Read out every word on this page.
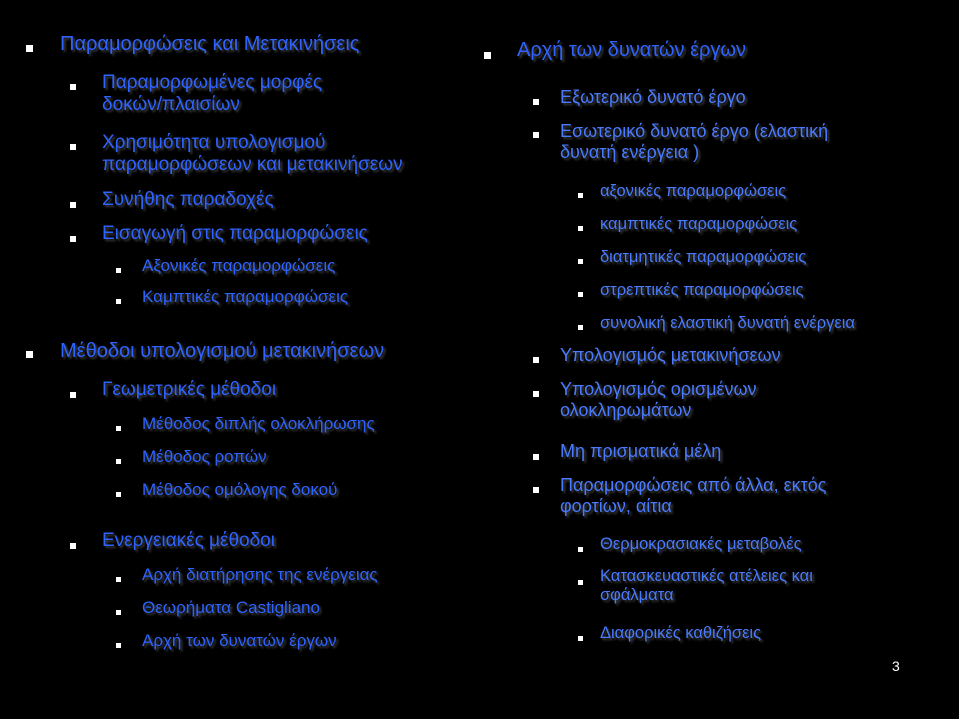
Παραμορφώσεις και Μετακινήσεις
Παραμορφωμένες μορφές
δοκών/πλαισίων
Χρησιμότητα υπολογισμού
παραμορφώσεων και μετακινήσεων
Συνήθης παραδοχές
Εισαγωγή στις παραμορφώσεις
Αξονικές παραμορφώσεις
Καμπτικές παραμορφώσεις
Μέθοδοι υπολογισμού μετακινήσεων
Γεωμετρικές μέθοδοι
Μέθοδος διπλής ολοκλήρωσης
Μέθοδος ροπών
Μέθοδος ομόλογης δοκού
Ενεργειακές μέθοδοι
Αρχή διατήρησης της ενέργειας
Θεωρήματα Castigliano
Αρχή των δυνατών έργων
Αρχή των δυνατών έργων
Εξωτερικό δυνατό έργο
Εσωτερικό δυνατό έργο (ελαστική
δυνατή ενέργεια )
αξονικές παραμορφώσεις
καμπτικές παραμορφώσεις
διατμητικές παραμορφώσεις
στρεπτικές παραμορφώσεις
συνολική ελαστική δυνατή ενέργεια
Υπολογισμός μετακινήσεων
Υπολογισμός ορισμένων
ολοκληρωμάτων
Μη πρισματικά μέλη
Παραμορφώσεις από άλλα, εκτός
φορτίων, αίτια
Θερμοκρασιακές μεταβολές
Κατασκευαστικές ατέλειες και
σφάλματα
Διαφορικές καθιζήσεις
3
